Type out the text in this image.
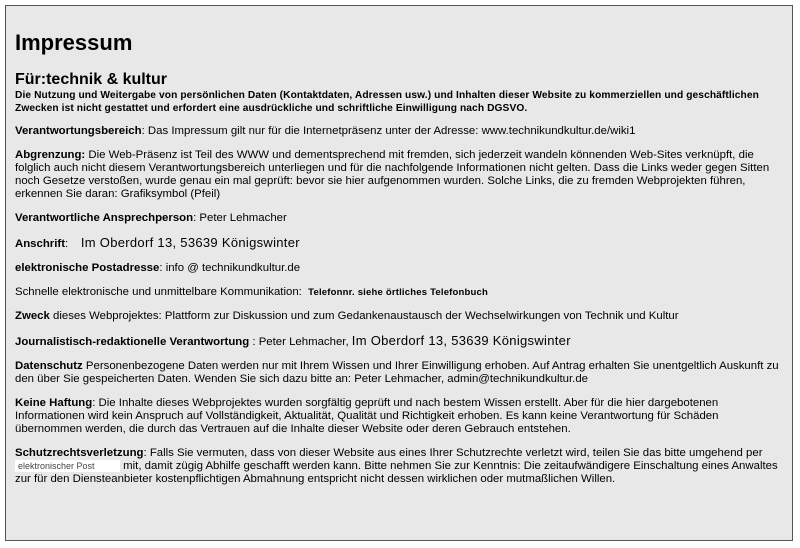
Impressum
Für:technik & kultur

Die Nutzung und Weitergabe von persönlichen Daten (Kontaktdaten, Adressen usw.) und Inhalten dieser Website zu kommerziellen und geschäftlichen Zwecken ist nicht gestattet und erfordert eine ausdrückliche und schriftliche Einwilligung nach DGSVO.

Verantwortungsbereich: Das Impressum gilt nur für die Internetpräsenz unter der Adresse: www.technikundkultur.de/wiki1

Abgrenzung: Die Web-Präsenz ist Teil des WWW und dementsprechend mit fremden, sich jederzeit wandeln könnenden Web-Sites verknüpft, die folglich auch nicht diesem Verantwortungsbereich unterliegen und für die nachfolgende Informationen nicht gelten. Dass die Links weder gegen Sitten noch Gesetze verstoßen, wurde genau ein mal geprüft: bevor sie hier aufgenommen wurden. Solche Links, die zu fremden Webprojekten führen, erkennen Sie daran: Grafiksymbol (Pfeil)

Verantwortliche Ansprechperson: Peter Lehmacher

Anschrift: Im Oberdorf 13, 53639 Königswinter

elektronische Postadresse: info @ technikundkultur.de

Schnelle elektronische und unmittelbare Kommunikation: Telefonnr. siehe örtliches Telefonbuch

Zweck dieses Webprojektes: Plattform zur Diskussion und zum Gedankenaustausch der Wechselwirkungen von Technik und Kultur

Journalistisch-redaktionelle Verantwortung : Peter Lehmacher, Im Oberdorf 13, 53639 Königswinter

Datenschutz Personenbezogene Daten werden nur mit Ihrem Wissen und Ihrer Einwilligung erhoben. Auf Antrag erhalten Sie unentgeltlich Auskunft zu den über Sie gespeicherten Daten. Wenden Sie sich dazu bitte an: Peter Lehmacher, admin@technikundkultur.de

Keine Haftung: Die Inhalte dieses Webprojektes wurden sorgfältig geprüft und nach bestem Wissen erstellt. Aber für die hier dargebotenen Informationen wird kein Anspruch auf Vollständigkeit, Aktualität, Qualität und Richtigkeit erhoben. Es kann keine Verantwortung für Schäden übernommen werden, die durch das Vertrauen auf die Inhalte dieser Website oder deren Gebrauch entstehen.

Schutzrechtsverletzung: Falls Sie vermuten, dass von dieser Website aus eines Ihrer Schutzrechte verletzt wird, teilen Sie das bitte umgehend per elektronischer Post mit, damit zügig Abhilfe geschafft werden kann. Bitte nehmen Sie zur Kenntnis: Die zeitaufwändigere Einschaltung eines Anwaltes zur für den Diensteanbieter kostenpflichtigen Abmahnung entspricht nicht dessen wirklichen oder mutmaßlichen Willen.
